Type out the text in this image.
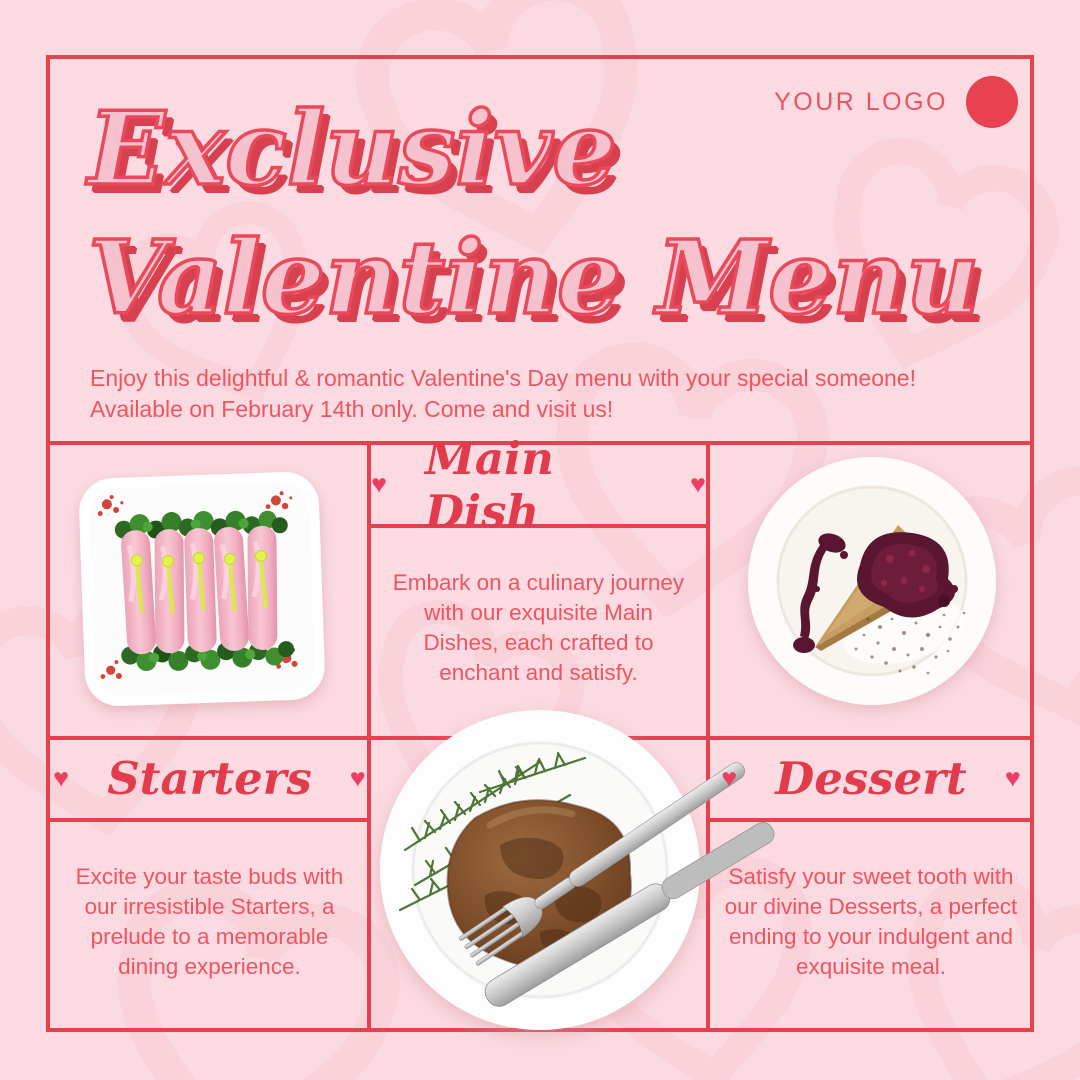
YOUR LOGO
Exclusive
Valentine Menu
Enjoy this delightful & romantic Valentine's Day menu with your special someone!
Available on February 14th only. Come and visit us!
♥ Main Dish
♥

Embark on a culinary journey with our exquisite Main Dishes, each crafted to enchant and satisfy.

♥ Starters ♥

Excite your taste buds with our irresistible Starters, a prelude to a memorable dining experience.

♥ Dessert ♥

Satisfy your sweet tooth with our divine Desserts, a perfect ending to your indulgent and exquisite meal.
